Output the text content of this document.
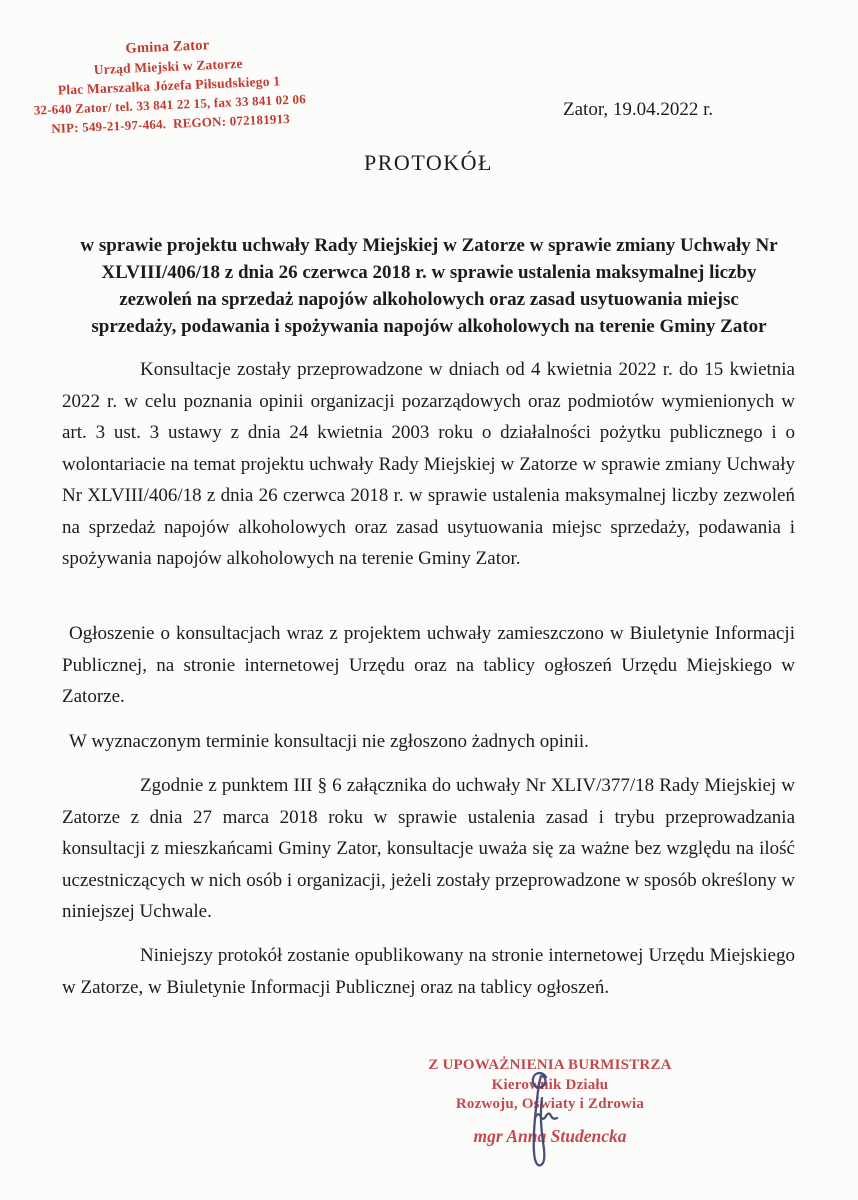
Gmina Zator
Urząd Miejski w Zatorze
Plac Marszałka Józefa Piłsudskiego 1
32-640 Zator/ tel. 33 841 22 15, fax 33 841 02 06
NIP: 549-21-97-464.  REGON: 072181913
Zator, 19.04.2022 r.
PROTOKÓŁ
w sprawie projektu uchwały Rady Miejskiej w Zatorze w sprawie zmiany Uchwały Nr XLVIII/406/18 z dnia 26 czerwca 2018 r. w sprawie ustalenia maksymalnej liczby zezwoleń na sprzedaż napojów alkoholowych oraz zasad usytuowania miejsc sprzedaży, podawania i spożywania napojów alkoholowych na terenie Gminy Zator

Konsultacje zostały przeprowadzone w dniach od 4 kwietnia 2022 r. do 15 kwietnia 2022 r. w celu poznania opinii organizacji pozarządowych oraz podmiotów wymienionych w art. 3 ust. 3 ustawy z dnia 24 kwietnia 2003 roku o działalności pożytku publicznego i o wolontariacie na temat projektu uchwały Rady Miejskiej w Zatorze w sprawie zmiany Uchwały Nr XLVIII/406/18 z dnia 26 czerwca 2018 r. w sprawie ustalenia maksymalnej liczby zezwoleń na sprzedaż napojów alkoholowych oraz zasad usytuowania miejsc sprzedaży, podawania i spożywania napojów alkoholowych na terenie Gminy Zator.

Ogłoszenie o konsultacjach wraz z projektem uchwały zamieszczono w Biuletynie Informacji Publicznej, na stronie internetowej Urzędu oraz na tablicy ogłoszeń Urzędu Miejskiego w Zatorze.

W wyznaczonym terminie konsultacji nie zgłoszono żadnych opinii.

Zgodnie z punktem III § 6 załącznika do uchwały Nr XLIV/377/18 Rady Miejskiej w Zatorze z dnia 27 marca 2018 roku w sprawie ustalenia zasad i trybu przeprowadzania konsultacji z mieszkańcami Gminy Zator, konsultacje uważa się za ważne bez względu na ilość uczestniczących w nich osób i organizacji, jeżeli zostały przeprowadzone w sposób określony w niniejszej Uchwale.

Niniejszy protokół zostanie opublikowany na stronie internetowej Urzędu Miejskiego w Zatorze, w Biuletynie Informacji Publicznej oraz na tablicy ogłoszeń.

Z UPOWAŻNIENIA BURMISTRZA
Kierownik Działu
Rozwoju, Oświaty i Zdrowia
mgr Anna Studencka
